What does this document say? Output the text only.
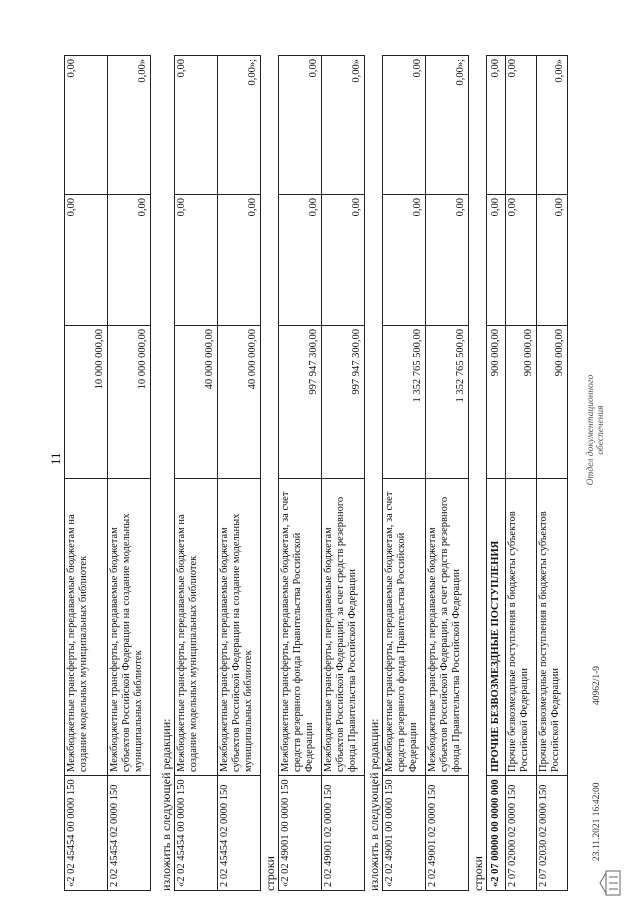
11
«2 02 45454 00 0000 150	Межбюджетные трансферты, передаваемые бюджетам на создание модельных муниципальных библиотек	10 000 000,00	0,00	0,00
2 02 45454 02 0000 150	Межбюджетные трансферты, передаваемые бюджетам субъектов Российской Федерации на создание модельных муниципальных библиотек	10 000 000,00	0,00	0,00»
изложить в следующей редакции: «2 02 45454 00 0000 150	Межбюджетные трансферты, передаваемые бюджетам на создание модельных муниципальных библиотек	40 000 000,00	0,00	0,00
2 02 45454 02 0000 150	Межбюджетные трансферты, передаваемые бюджетам субъектов Российской Федерации на создание модельных муниципальных библиотек	40 000 000,00	0,00	0,00»;
строки «2 02 49001 00 0000 150	Межбюджетные трансферты, передаваемые бюджетам, за счет средств резервного фонда Правительства Российской Федерации	997 947 300,00	0,00	0,00
2 02 49001 02 0000 150	Межбюджетные трансферты, передаваемые бюджетам субъектов Российской Федерации, за счет средств резервного фонда Правительства Российской Федерации	997 947 300,00	0,00	0,00»
изложить в следующей редакции: «2 02 49001 00 0000 150	Межбюджетные трансферты, передаваемые бюджетам, за счет средств резервного фонда Правительства Российской Федерации	1 352 765 500,00	0,00	0,00
2 02 49001 02 0000 150	Межбюджетные трансферты, передаваемые бюджетам субъектов Российской Федерации, за счет средств резервного фонда Правительства Российской Федерации	1 352 765 500,00	0,00	0,00»;
строки «2 07 00000 00 0000 000	ПРОЧИЕ БЕЗВОЗМЕЗДНЫЕ ПОСТУПЛЕНИЯ	900 000,00	0,00	0,00
2 07 02000 02 0000 150	Прочие безвозмездные поступления в бюджеты субъектов Российской Федерации	900 000,00	0,00	0,00
2 07 02030 02 0000 150	Прочие безвозмездные поступления в бюджеты субъектов Российской Федерации	900 000,00	0,00	0,00»
23.11.2021 16:42:00
40962/1-9
Отдел документационного обеспечения
